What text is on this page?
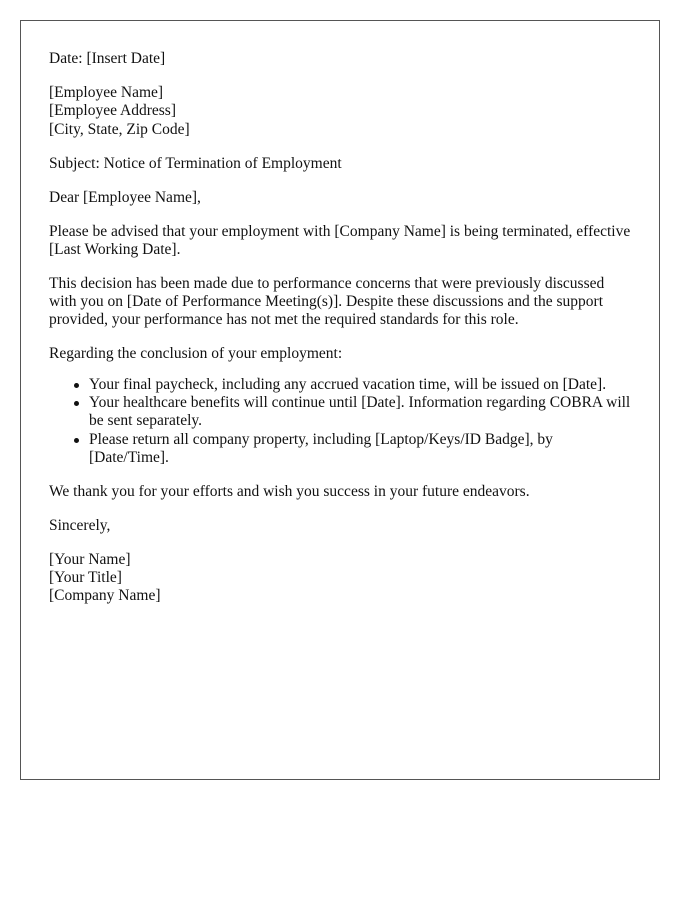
Date: [Insert Date]

[Employee Name]
[Employee Address]
[City, State, Zip Code]

Subject: Notice of Termination of Employment

Dear [Employee Name],

Please be advised that your employment with [Company Name] is being terminated, effective [Last Working Date].

This decision has been made due to performance concerns that were previously discussed with you on [Date of Performance Meeting(s)]. Despite these discussions and the support provided, your performance has not met the required standards for this role.

Regarding the conclusion of your employment:

Your final paycheck, including any accrued vacation time, will be issued on [Date].
Your healthcare benefits will continue until [Date]. Information regarding COBRA will be sent separately.
Please return all company property, including [Laptop/Keys/ID Badge], by [Date/Time].

We thank you for your efforts and wish you success in your future endeavors.

Sincerely,

[Your Name]
[Your Title]
[Company Name]
